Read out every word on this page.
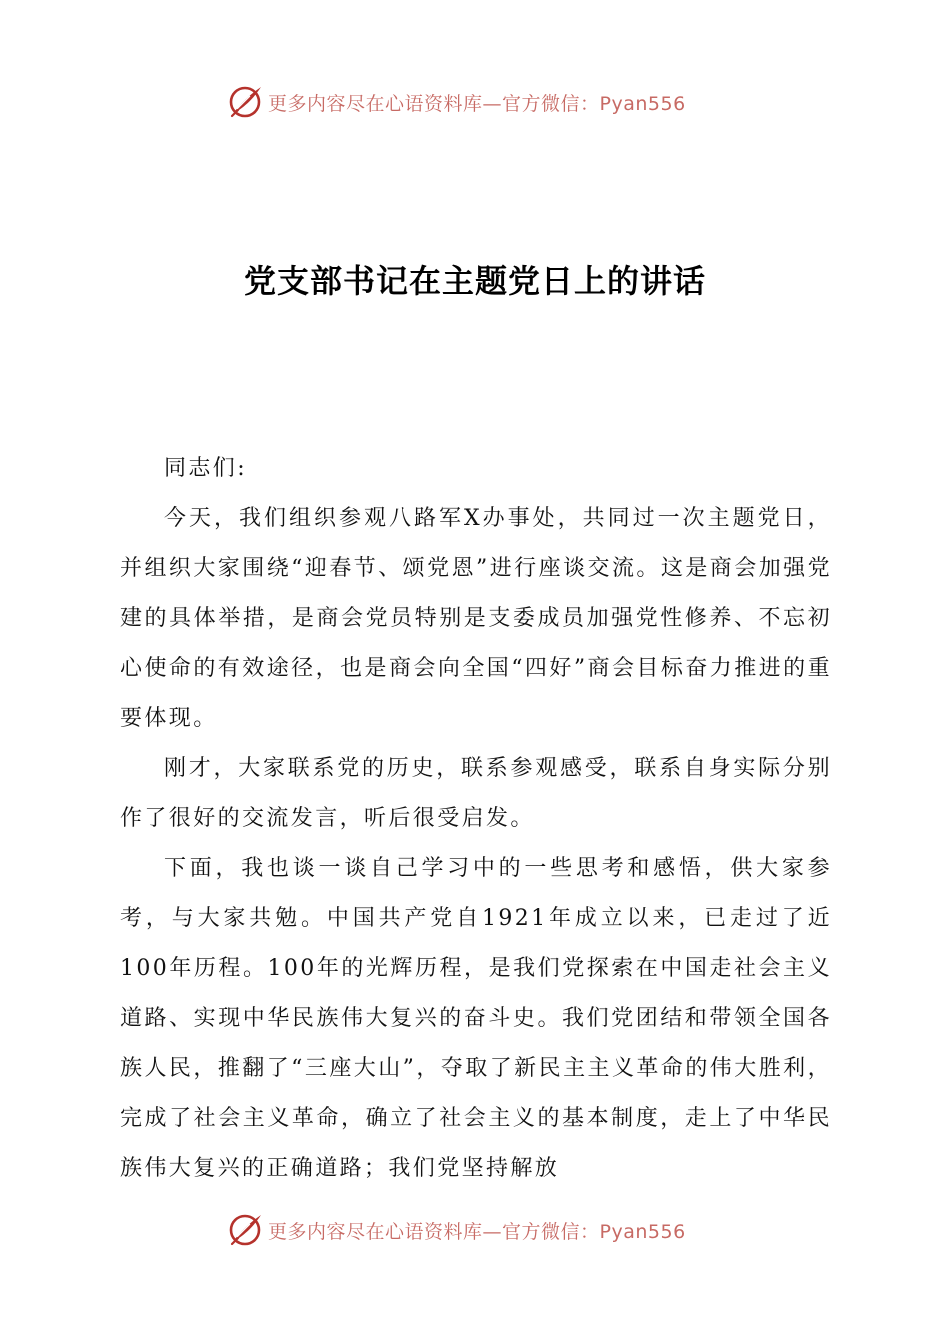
更多内容尽在心语资料库—官方微信：Pyan556
党支部书记在主题党日上的讲话

同志们:

今天，我们组织参观八路军X办事处，共同过一次主题党日，并组织大家围绕“迎春节、颂党恩”进行座谈交流。这是商会加强党建的具体举措，是商会党员特别是支委成员加强党性修养、不忘初心使命的有效途径，也是商会向全国“四好”商会目标奋力推进的重要体现。

刚才，大家联系党的历史，联系参观感受，联系自身实际分别作了很好的交流发言，听后很受启发。

下面，我也谈一谈自己学习中的一些思考和感悟，供大家参考，与大家共勉。中国共产党自1921年成立以来，已走过了近100年历程。100年的光辉历程，是我们党探索在中国走社会主义道路、实现中华民族伟大复兴的奋斗史。我们党团结和带领全国各族人民，推翻了“三座大山”，夺取了新民主主义革命的伟大胜利，完成了社会主义革命，确立了社会主义的基本制度，走上了中华民族伟大复兴的正确道路；我们党坚持解放

更多内容尽在心语资料库—官方微信：Pyan556
